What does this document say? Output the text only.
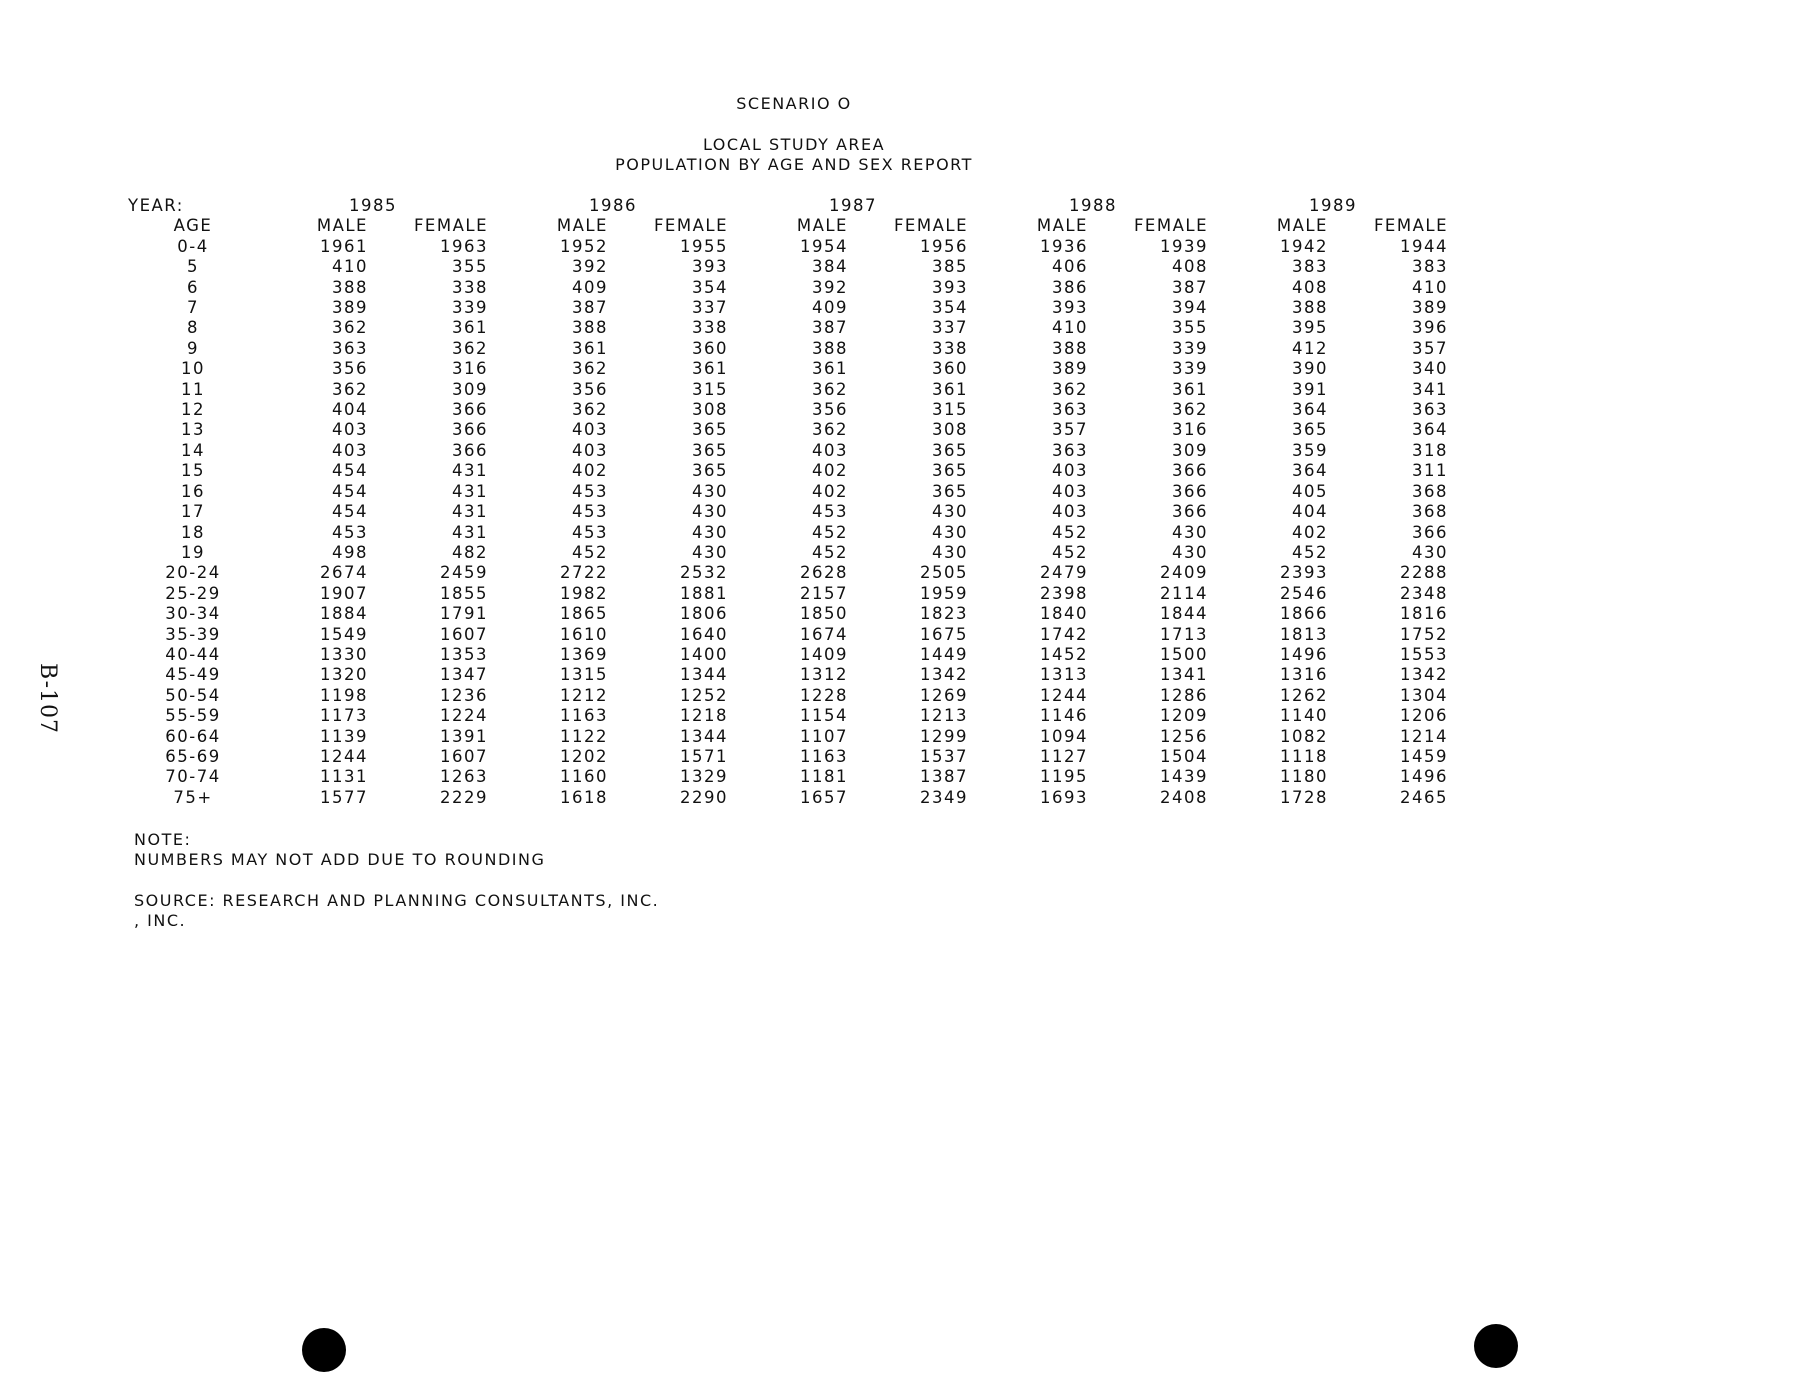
B-107
SCENARIO O
LOCAL STUDY AREA
POPULATION BY AGE AND SEX REPORT
YEAR:	1985			1986			1987			1988			1989	
AGE	MALE	FEMALE		MALE	FEMALE		MALE	FEMALE		MALE	FEMALE		MALE	FEMALE
0-4	1961	1963		1952	1955		1954	1956		1936	1939		1942	1944
5	410	355		392	393		384	385		406	408		383	383
6	388	338		409	354		392	393		386	387		408	410
7	389	339		387	337		409	354		393	394		388	389
8	362	361		388	338		387	337		410	355		395	396
9	363	362		361	360		388	338		388	339		412	357
10	356	316		362	361		361	360		389	339		390	340
11	362	309		356	315		362	361		362	361		391	341
12	404	366		362	308		356	315		363	362		364	363
13	403	366		403	365		362	308		357	316		365	364
14	403	366		403	365		403	365		363	309		359	318
15	454	431		402	365		402	365		403	366		364	311
16	454	431		453	430		402	365		403	366		405	368
17	454	431		453	430		453	430		403	366		404	368
18	453	431		453	430		452	430		452	430		402	366
19	498	482		452	430		452	430		452	430		452	430
20-24	2674	2459		2722	2532		2628	2505		2479	2409		2393	2288
25-29	1907	1855		1982	1881		2157	1959		2398	2114		2546	2348
30-34	1884	1791		1865	1806		1850	1823		1840	1844		1866	1816
35-39	1549	1607		1610	1640		1674	1675		1742	1713		1813	1752
40-44	1330	1353		1369	1400		1409	1449		1452	1500		1496	1553
45-49	1320	1347		1315	1344		1312	1342		1313	1341		1316	1342
50-54	1198	1236		1212	1252		1228	1269		1244	1286		1262	1304
55-59	1173	1224		1163	1218		1154	1213		1146	1209		1140	1206
60-64	1139	1391		1122	1344		1107	1299		1094	1256		1082	1214
65-69	1244	1607		1202	1571		1163	1537		1127	1504		1118	1459
70-74	1131	1263		1160	1329		1181	1387		1195	1439		1180	1496
75+	1577	2229		1618	2290		1657	2349		1693	2408		1728	2465
NOTE:
NUMBERS MAY NOT ADD DUE TO ROUNDING
SOURCE: RESEARCH AND PLANNING CONSULTANTS, INC.
, INC.
